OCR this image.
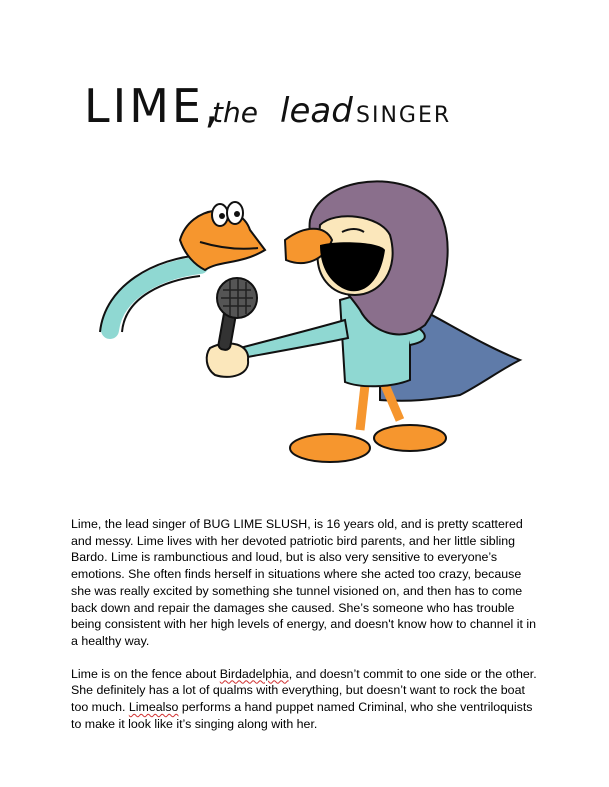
LIME,
the lead SINGER

Lime, the lead singer of BUG LIME SLUSH, is 16 years old, and is pretty scattered and messy. Lime lives with her devoted patriotic bird parents, and her little sibling Bardo. Lime is rambunctious and loud, but is also very sensitive to everyone’s emotions. She often finds herself in situations where she acted too crazy, because she was really excited by something she tunnel visioned on, and then has to come back down and repair the damages she caused. She’s someone who has trouble being consistent with her high levels of energy, and doesn't know how to channel it in a healthy way.

Lime is on the fence about Birdadelphia, and doesn’t commit to one side or the other. She definitely has a lot of qualms with everything, but doesn’t want to rock the boat too much. Limealso performs a hand puppet named Criminal, who she ventriloquists to make it look like it’s singing along with her.
